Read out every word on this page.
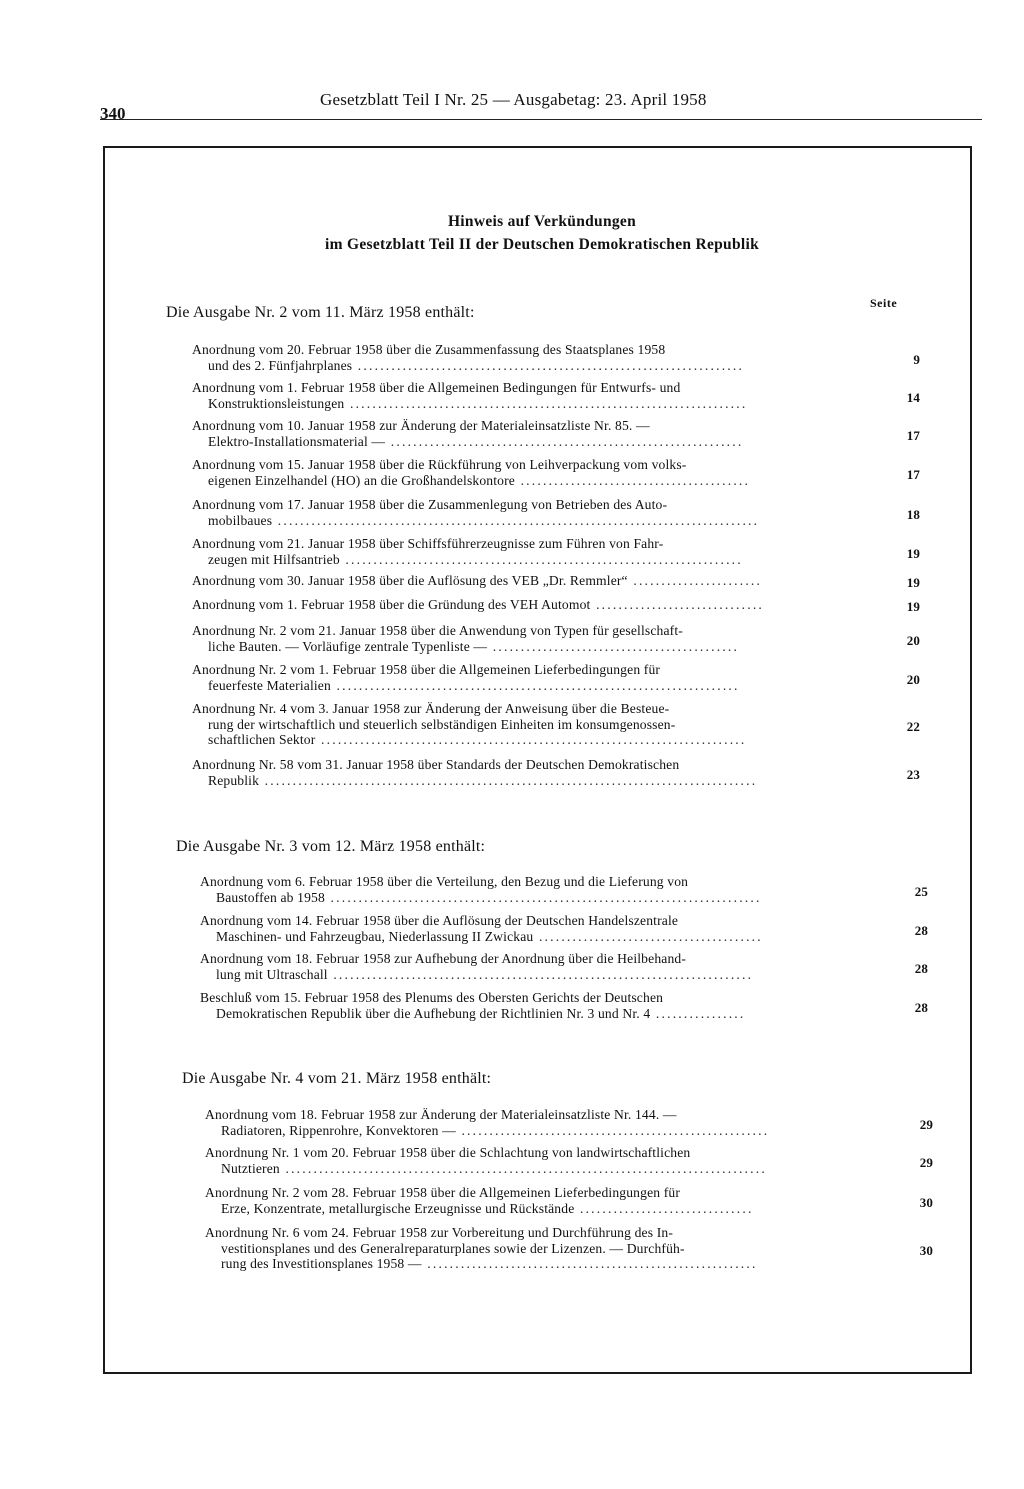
340
Gesetzblatt Teil I Nr. 25 — Ausgabetag: 23. April 1958
Hinweis auf Verkündungen
im Gesetzblatt Teil II der Deutschen Demokratischen Republik
Seite
Die Ausgabe Nr. 2 vom 11. März 1958 enthält:
Anordnung vom 20. Februar 1958 über die Zusammenfassung des Staatsplanes 1958
und des 2. Fünfjahrplanes .....................................................................	9
Anordnung vom 1. Februar 1958 über die Allgemeinen Bedingungen für Entwurfs- und
Konstruktionsleistungen .......................................................................	14
Anordnung vom 10. Januar 1958 zur Änderung der Materialeinsatzliste Nr. 85. —
Elektro-Installationsmaterial — ...............................................................	17
Anordnung vom 15. Januar 1958 über die Rückführung von Leihverpackung vom volks-
eigenen Einzelhandel (HO) an die Großhandelskontore .........................................	17
Anordnung vom 17. Januar 1958 über die Zusammenlegung von Betrieben des Auto-
mobilbaues ......................................................................................	18
Anordnung vom 21. Januar 1958 über Schiffsführerzeugnisse zum Führen von Fahr-
zeugen mit Hilfsantrieb .......................................................................	19
Anordnung vom 30. Januar 1958 über die Auflösung des VEB „Dr. Remmler“ .......................	19
Anordnung vom 1. Februar 1958 über die Gründung des VEH Automot ..............................	19
Anordnung Nr. 2 vom 21. Januar 1958 über die Anwendung von Typen für gesellschaft-
liche Bauten. — Vorläufige zentrale Typenliste — ............................................	20
Anordnung Nr. 2 vom 1. Februar 1958 über die Allgemeinen Lieferbedingungen für
feuerfeste Materialien ........................................................................	20
Anordnung Nr. 4 vom 3. Januar 1958 zur Änderung der Anweisung über die Besteue-
rung der wirtschaftlich und steuerlich selbständigen Einheiten im konsumgenossen-
schaftlichen Sektor ............................................................................
22
Anordnung Nr. 58 vom 31. Januar 1958 über Standards der Deutschen Demokratischen
Republik ........................................................................................	23
Die Ausgabe Nr. 3 vom 12. März 1958 enthält:
Anordnung vom 6. Februar 1958 über die Verteilung, den Bezug und die Lieferung von
Baustoffen ab 1958 .............................................................................	25
Anordnung vom 14. Februar 1958 über die Auflösung der Deutschen Handelszentrale
Maschinen- und Fahrzeugbau, Niederlassung II Zwickau ........................................	28
Anordnung vom 18. Februar 1958 zur Aufhebung der Anordnung über die Heilbehand-
lung mit Ultraschall ...........................................................................	28
Beschluß vom 15. Februar 1958 des Plenums des Obersten Gerichts der Deutschen
Demokratischen Republik über die Aufhebung der Richtlinien Nr. 3 und Nr. 4 ................	28
Die Ausgabe Nr. 4 vom 21. März 1958 enthält:
Anordnung vom 18. Februar 1958 zur Änderung der Materialeinsatzliste Nr. 144. —
Radiatoren, Rippenrohre, Konvektoren — .......................................................	29
Anordnung Nr. 1 vom 20. Februar 1958 über die Schlachtung von landwirtschaftlichen
Nutztieren ......................................................................................	29
Anordnung Nr. 2 vom 28. Februar 1958 über die Allgemeinen Lieferbedingungen für
Erze, Konzentrate, metallurgische Erzeugnisse und Rückstände ...............................	30
Anordnung Nr. 6 vom 24. Februar 1958 zur Vorbereitung und Durchführung des In-
vestitionsplanes und des Generalreparaturplanes sowie der Lizenzen. — Durchfüh-
rung des Investitionsplanes 1958 — ...........................................................
30
